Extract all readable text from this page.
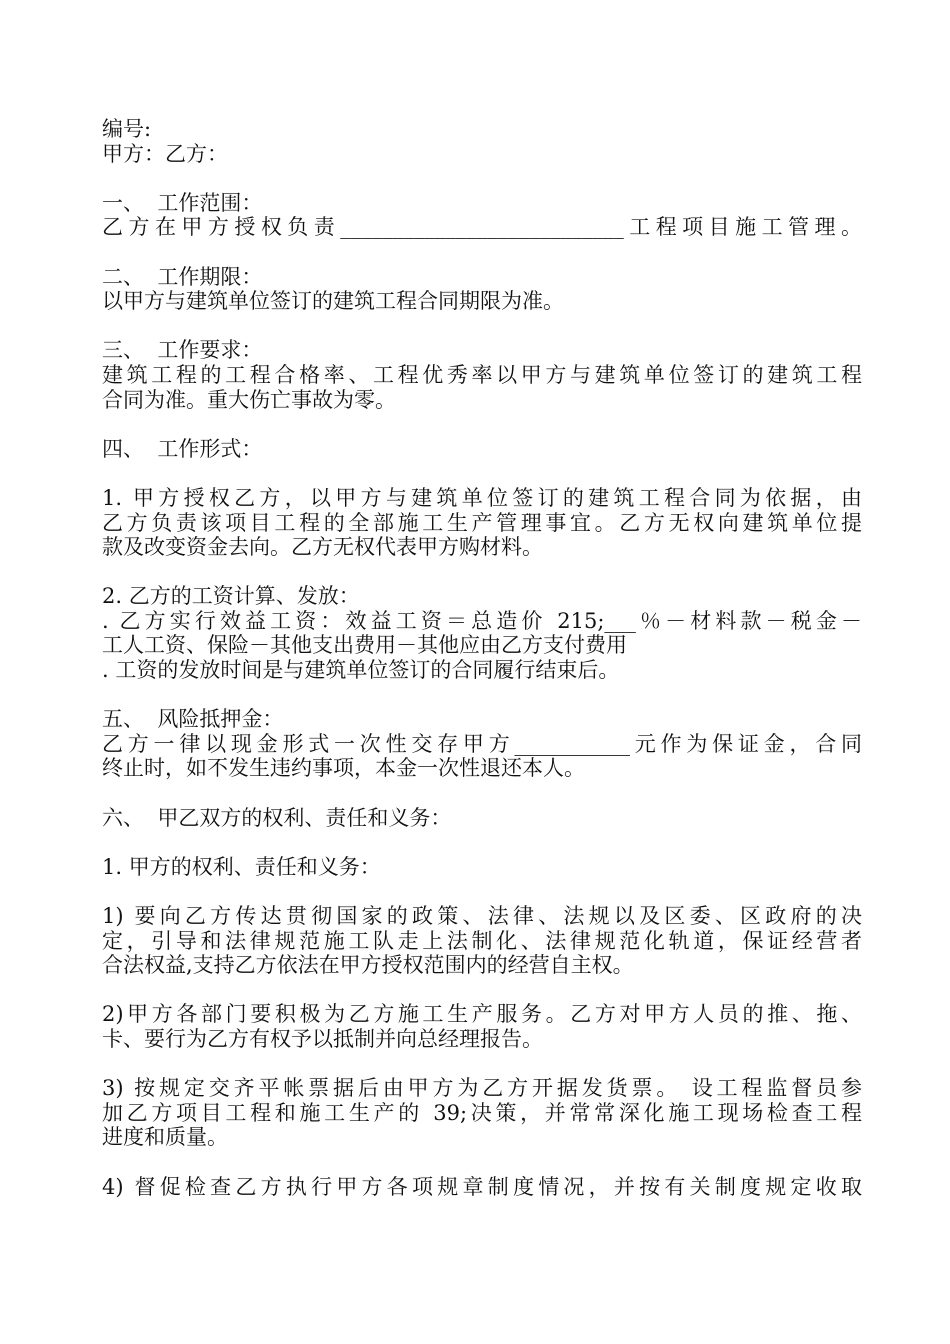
编号:
甲方：乙方：
一、  工作范围：
乙方在甲方授权负责___________________________工程项目施工管理。
二、  工作期限：
以甲方与建筑单位签订的建筑工程合同期限为准。
三、  工作要求：
建筑工程的工程合格率、工程优秀率以甲方与建筑单位签订的建筑工程
合同为准。重大伤亡事故为零。
四、  工作形式：
1. 甲方授权乙方，以甲方与建筑单位签订的建筑工程合同为依据，由
乙方负责该项目工程的全部施工生产管理事宜。乙方无权向建筑单位提
款及改变资金去向。乙方无权代表甲方购材料。
2. 乙方的工资计算、发放：
. 乙方实行效益工资：效益工资＝总造价 215;___％－材料款－税金－
工人工资、保险－其他支出费用－其他应由乙方支付费用
. 工资的发放时间是与建筑单位签订的合同履行结束后。
五、  风险抵押金：
乙方一律以现金形式一次性交存甲方___________元作为保证金，合同
终止时，如不发生违约事项，本金一次性退还本人。
六、  甲乙双方的权利、责任和义务：
1. 甲方的权利、责任和义务：
1) 要向乙方传达贯彻国家的政策、法律、法规以及区委、区政府的决
定，引导和法律规范施工队走上法制化、法律规范化轨道，保证经营者
合法权益,支持乙方依法在甲方授权范围内的经营自主权。
2)甲方各部门要积极为乙方施工生产服务。乙方对甲方人员的推、拖、
卡、要行为乙方有权予以抵制并向总经理报告。
3) 按规定交齐平帐票据后由甲方为乙方开据发货票。 设工程监督员参
加乙方项目工程和施工生产的 39;决策，并常常深化施工现场检查工程
进度和质量。
4) 督促检查乙方执行甲方各项规章制度情况，并按有关制度规定收取
